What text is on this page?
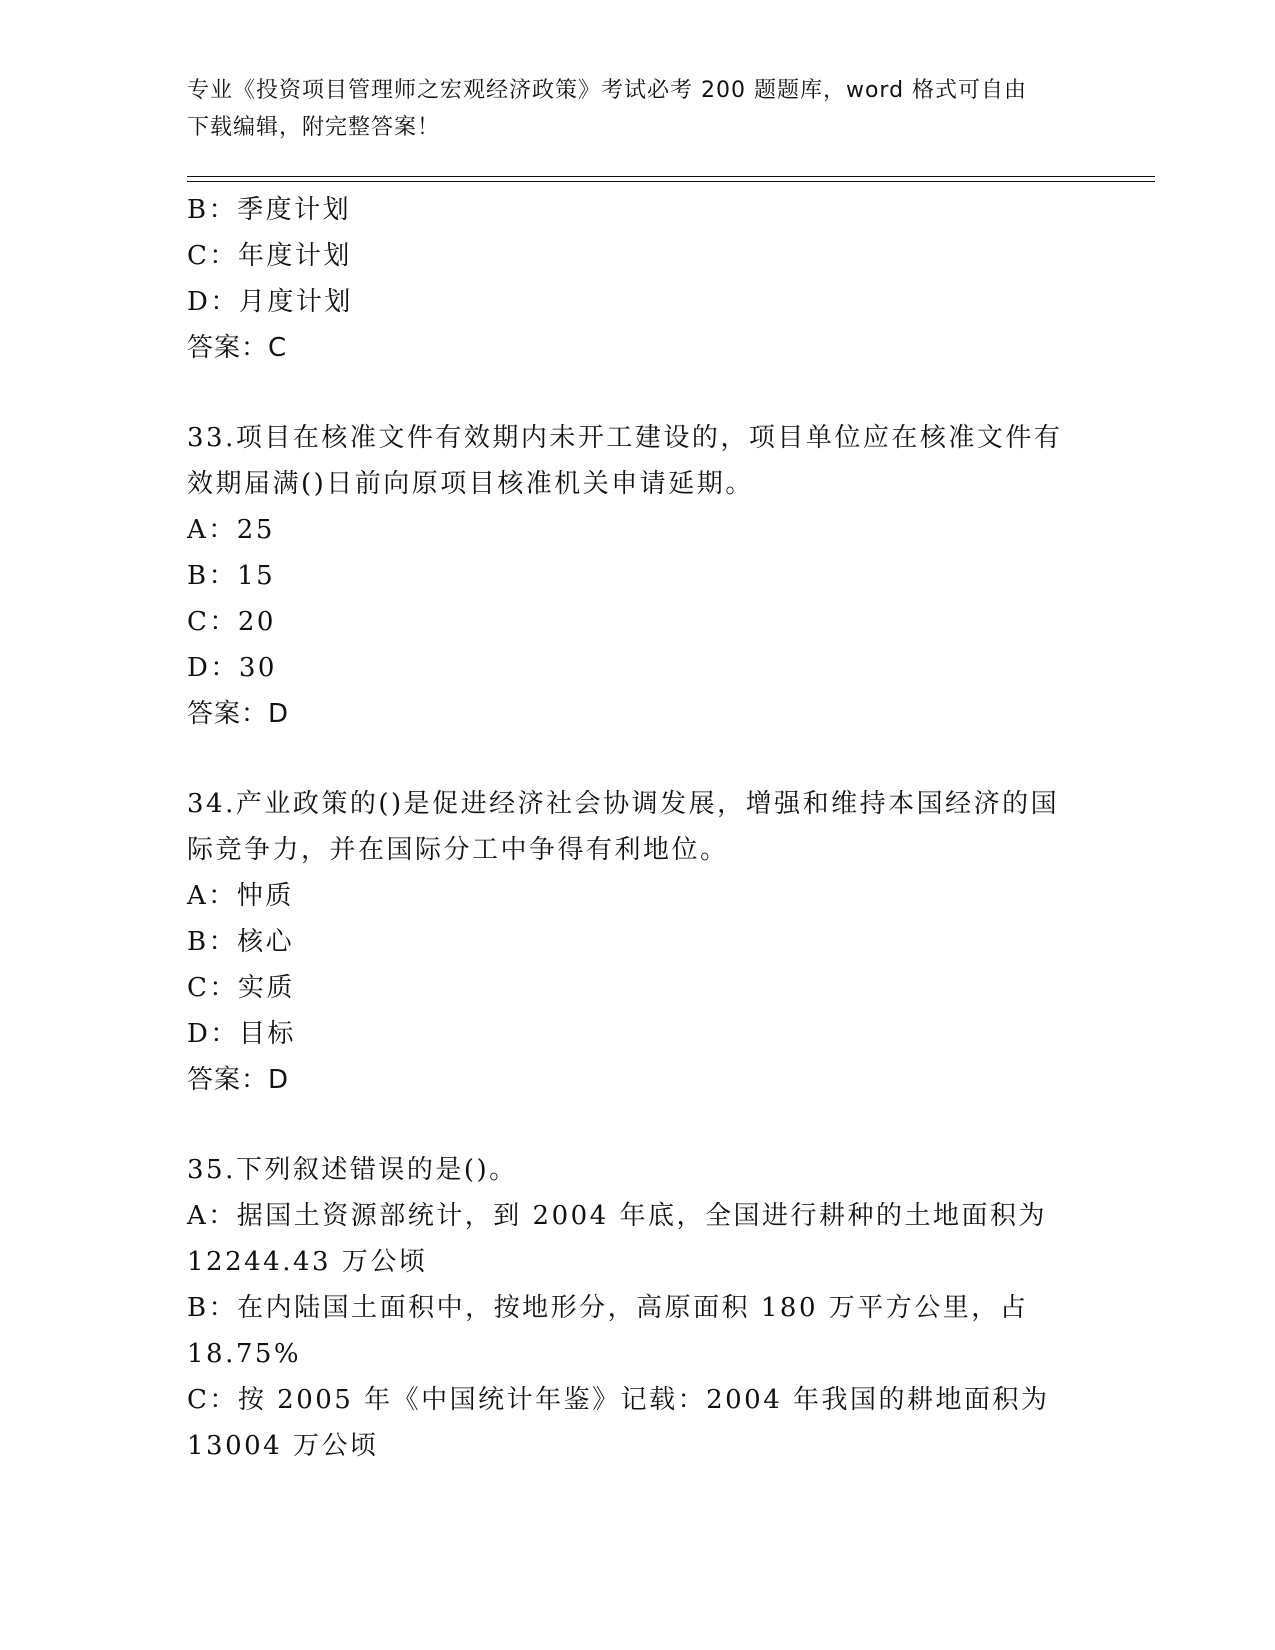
专业《投资项目管理师之宏观经济政策》考试必考 200 题题库，word 格式可自由
下载编辑，附完整答案！
B：季度计划
C：年度计划
D：月度计划
答案：C
33.项目在核准文件有效期内未开工建设的，项目单位应在核准文件有
效期届满()日前向原项目核准机关申请延期。
A：25
B：15
C：20
D：30
答案：D
34.产业政策的()是促进经济社会协调发展，增强和维持本国经济的国
际竞争力，并在国际分工中争得有利地位。
A：忡质
B：核心
C：实质
D：目标
答案：D
35.下列叙述错误的是()。
A：据国土资源部统计，到 2004 年底，全国进行耕种的土地面积为
12244.43 万公顷
B：在内陆国土面积中，按地形分，高原面积 180 万平方公里，占
18.75%
C：按 2005 年《中国统计年鉴》记载：2004 年我国的耕地面积为
13004 万公顷
